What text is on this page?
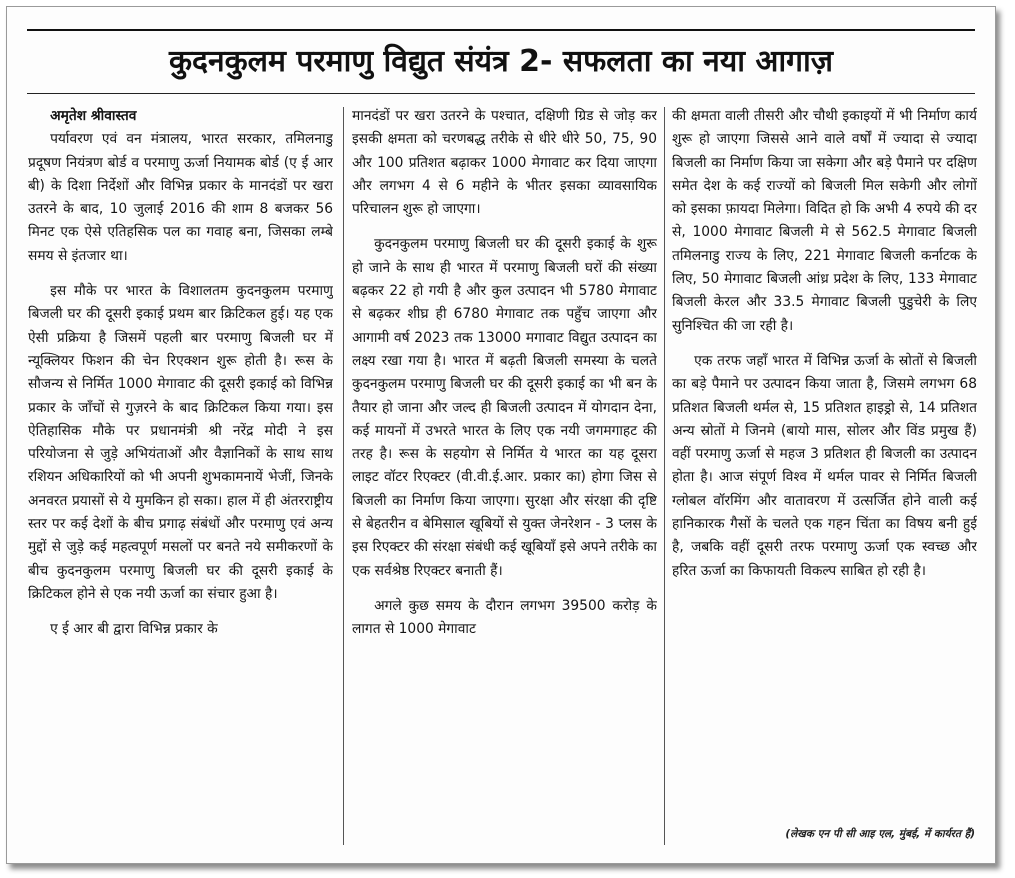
कुदनकुलम परमाणु विद्युत संयंत्र 2- सफलता का नया आगाज़

अमृतेश श्रीवास्तव

पर्यावरण एवं वन मंत्रालय, भारत सरकार, तमिलनाडु प्रदूषण नियंत्रण बोर्ड व परमाणु ऊर्जा नियामक बोर्ड (ए ई आर बी) के दिशा निर्देशों और विभिन्न प्रकार के मानदंडों पर खरा उतरने के बाद, 10 जुलाई 2016 की शाम 8 बजकर 56 मिनट एक ऐसे एतिहसिक पल का गवाह बना, जिसका लम्बे समय से इंतजार था।

इस मौके पर भारत के विशालतम कुदनकुलम परमाणु बिजली घर की दूसरी इकाई प्रथम बार क्रिटिकल हुई। यह एक ऐसी प्रक्रिया है जिसमें पहली बार परमाणु बिजली घर में न्यूक्लियर फिशन की चेन रिएक्शन शुरू होती है। रूस के सौजन्य से निर्मित 1000 मेगावाट की दूसरी इकाई को विभिन्न प्रकार के जाँचों से गुज़रने के बाद क्रिटिकल किया गया। इस ऐतिहासिक मौके पर प्रधानमंत्री श्री नरेंद्र मोदी ने इस परियोजना से जुड़े अभियंताओं और वैज्ञानिकों के साथ साथ रशियन अधिकारियों को भी अपनी शुभकामनायें भेजीं, जिनके अनवरत प्रयासों से ये मुमकिन हो सका। हाल में ही अंतरराष्ट्रीय स्तर पर कई देशों के बीच प्रगाढ़ संबंधों और परमाणु एवं अन्य मुद्दों से जुड़े कई महत्वपूर्ण मसलों पर बनते नये समीकरणों के बीच कुदनकुलम परमाणु बिजली घर की दूसरी इकाई के क्रिटिकल होने से एक नयी ऊर्जा का संचार हुआ है।

ए ई आर बी द्वारा विभिन्न प्रकार के

मानदंडों पर खरा उतरने के पश्चात, दक्षिणी ग्रिड से जोड़ कर इसकी क्षमता को चरणबद्ध तरीके से धीरे धीरे 50, 75, 90 और 100 प्रतिशत बढ़ाकर 1000 मेगावाट कर दिया जाएगा और लगभग 4 से 6 महीने के भीतर इसका व्यावसायिक परिचालन शुरू हो जाएगा।

कुदनकुलम परमाणु बिजली घर की दूसरी इकाई के शुरू हो जाने के साथ ही भारत में परमाणु बिजली घरों की संख्या बढ़कर 22 हो गयी है और कुल उत्पादन भी 5780 मेगावाट से बढ़कर शीघ्र ही 6780 मेगावाट तक पहुँच जाएगा और आगामी वर्ष 2023 तक 13000 मगावाट विद्युत उत्पादन का लक्ष्य रखा गया है। भारत में बढ़ती बिजली समस्या के चलते कुदनकुलम परमाणु बिजली घर की दूसरी इकाई का भी बन के तैयार हो जाना और जल्द ही बिजली उत्पादन में योगदान देना, कई मायनों में उभरते भारत के लिए एक नयी जगमगाहट की तरह है। रूस के सहयोग से निर्मित ये भारत का यह दूसरा लाइट वॉटर रिएक्टर (वी.वी.ई.आर. प्रकार का) होगा जिस से बिजली का निर्माण किया जाएगा। सुरक्षा और संरक्षा की दृष्टि से बेहतरीन व बेमिसाल खूबियों से युक्त जेनरेशन - 3 प्लस के इस रिएक्टर की संरक्षा संबंधी कई खूबियाँ इसे अपने तरीके का एक सर्वश्रेष्ठ रिएक्टर बनाती हैं।

अगले कुछ समय के दौरान लगभग 39500 करोड़ के लागत से 1000 मेगावाट

की क्षमता वाली तीसरी और चौथी इकाइयों में भी निर्माण कार्य शुरू हो जाएगा जिससे आने वाले वर्षों में ज्यादा से ज्यादा बिजली का निर्माण किया जा सकेगा और बड़े पैमाने पर दक्षिण समेत देश के कई राज्यों को बिजली मिल सकेगी और लोगों को इसका फ़ायदा मिलेगा। विदित हो कि अभी 4 रुपये की दर से, 1000 मेगावाट बिजली मे से 562.5 मेगावाट बिजली तमिलनाडु राज्य के लिए, 221 मेगावाट बिजली कर्नाटक के लिए, 50 मेगावाट बिजली आंध्र प्रदेश के लिए, 133 मेगावाट बिजली केरल और 33.5 मेगावाट बिजली पुडुचेरी के लिए सुनिश्चित की जा रही है।

एक तरफ जहाँ भारत में विभिन्न ऊर्जा के स्रोतों से बिजली का बड़े पैमाने पर उत्पादन किया जाता है, जिसमे लगभग 68 प्रतिशत बिजली थर्मल से, 15 प्रतिशत हाइड्रो से, 14 प्रतिशत अन्य स्रोतों मे जिनमे (बायो मास, सोलर और विंड प्रमुख हैं) वहीं परमाणु ऊर्जा से महज 3 प्रतिशत ही बिजली का उत्पादन होता है। आज संपूर्ण विश्व में थर्मल पावर से निर्मित बिजली ग्लोबल वॉरमिंग और वातावरण में उत्सर्जित होने वाली कई हानिकारक गैसों के चलते एक गहन चिंता का विषय बनी हुई है, जबकि वहीं दूसरी तरफ परमाणु ऊर्जा एक स्वच्छ और हरित ऊर्जा का किफायती विकल्प साबित हो रही है।

(लेखक एन पी सी आइ एल, मुंबई, में कार्यरत हैं)
